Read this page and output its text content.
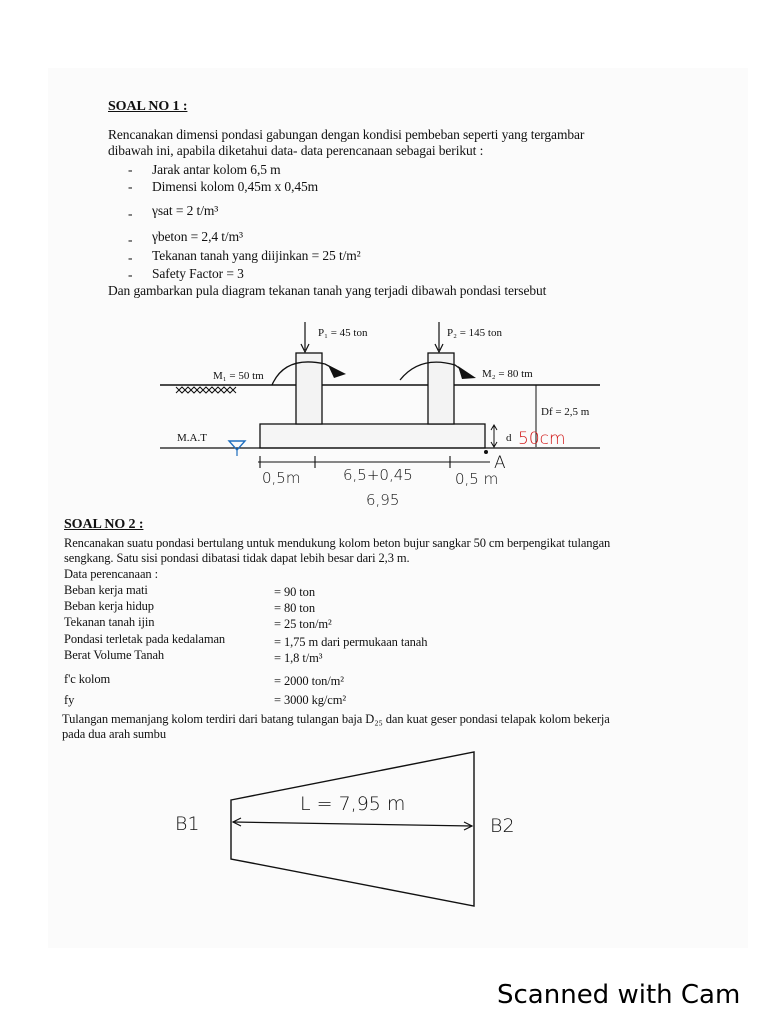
SOAL NO 1 :
Rencanakan dimensi pondasi gabungan dengan kondisi pembeban seperti yang tergambar
dibawah ini, apabila diketahui data- data perencanaan sebagai berikut :
- Jarak antar kolom 6,5 m
- Dimensi kolom 0,45m x 0,45m
- γsat = 2 t/m³
- γbeton = 2,4 t/m³
- Tekanan tanah yang diijinkan = 25 t/m²
- Safety Factor = 3
Dan gambarkan pula diagram tekanan tanah yang terjadi dibawah pondasi tersebut
P₁ = 45 ton	P₂ = 145 ton
M₁ = 50 tm	M₂ = 80 tm
Df = 2,5 m
d
M.A.T	50cm
A
0,5m	6,5+0,45	0,5 m
6,95
SOAL NO 2 :
Rencanakan suatu pondasi bertulang untuk mendukung kolom beton bujur sangkar 50 cm berpengikat tulangan
sengkang. Satu sisi pondasi dibatasi tidak dapat lebih besar dari 2,3 m.
Data perencanaan :
Beban kerja mati	= 90 ton
Beban kerja hidup	= 80 ton
Tekanan tanah ijin	= 25 ton/m²
Pondasi terletak pada kedalaman	= 1,75 m dari permukaan tanah
Berat Volume Tanah	= 1,8 t/m³
f'c kolom	= 2000 ton/m²
fy	= 3000 kg/cm²
Tulangan memanjang kolom terdiri dari batang tulangan baja D₂₅ dan kuat geser pondasi telapak kolom bekerja
pada dua arah sumbu
L = 7,95 m
B1	B2
Scanned with Cam
